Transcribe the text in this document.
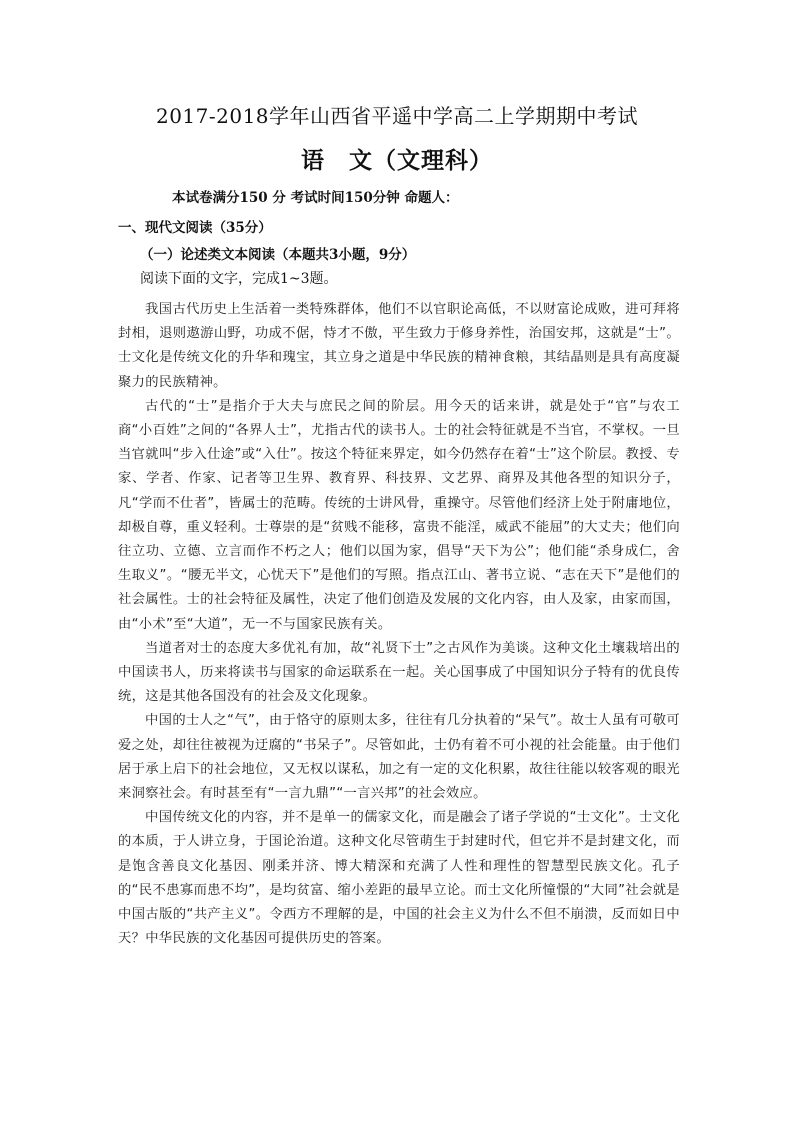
2017-2018学年山西省平遥中学高二上学期期中考试
语　文（文理科）
本试卷满分150 分 考试时间150分钟 命题人：
一、现代文阅读（35分）
（一）论述类文本阅读（本题共3小题，9分）
阅读下面的文字，完成1~3题。

我国古代历史上生活着一类特殊群体，他们不以官职论高低，不以财富论成败，进可拜将封相，退则遨游山野，功成不倨，恃才不傲，平生致力于修身养性，治国安邦，这就是“士”。士文化是传统文化的升华和瑰宝，其立身之道是中华民族的精神食粮，其结晶则是具有高度凝聚力的民族精神。

古代的“士”是指介于大夫与庶民之间的阶层。用今天的话来讲，就是处于“官”与农工商“小百姓”之间的“各界人士”，尤指古代的读书人。士的社会特征就是不当官，不掌权。一旦当官就叫“步入仕途”或“入仕”。按这个特征来界定，如今仍然存在着“士”这个阶层。教授、专家、学者、作家、记者等卫生界、教育界、科技界、文艺界、商界及其他各型的知识分子，凡“学而不仕者”，皆属士的范畴。传统的士讲风骨，重操守。尽管他们经济上处于附庸地位，却极自尊，重义轻利。士尊崇的是“贫贱不能移，富贵不能淫，威武不能屈”的大丈夫；他们向往立功、立德、立言而作不朽之人；他们以国为家，倡导“天下为公”；他们能“杀身成仁，舍生取义”。“腰无半文，心忧天下”是他们的写照。指点江山、著书立说、“志在天下”是他们的社会属性。士的社会特征及属性，决定了他们创造及发展的文化内容，由人及家，由家而国，由“小术”至“大道”，无一不与国家民族有关。

当道者对士的态度大多优礼有加，故“礼贤下士”之古风作为美谈。这种文化土壤栽培出的中国读书人，历来将读书与国家的命运联系在一起。关心国事成了中国知识分子特有的优良传统，这是其他各国没有的社会及文化现象。

中国的士人之“气”，由于恪守的原则太多，往往有几分执着的“呆气”。故士人虽有可敬可爱之处，却往往被视为迂腐的“书呆子”。尽管如此，士仍有着不可小视的社会能量。由于他们居于承上启下的社会地位，又无权以谋私，加之有一定的文化积累，故往往能以较客观的眼光来洞察社会。有时甚至有“一言九鼎”“一言兴邦”的社会效应。

中国传统文化的内容，并不是单一的儒家文化，而是融会了诸子学说的“士文化”。士文化的本质，于人讲立身，于国论治道。这种文化尽管萌生于封建时代，但它并不是封建文化，而是饱含善良文化基因、刚柔并济、博大精深和充满了人性和理性的智慧型民族文化。孔子的“民不患寡而患不均”，是均贫富、缩小差距的最早立论。而士文化所憧憬的“大同”社会就是中国古版的“共产主义”。令西方不理解的是，中国的社会主义为什么不但不崩溃，反而如日中天？中华民族的文化基因可提供历史的答案。
